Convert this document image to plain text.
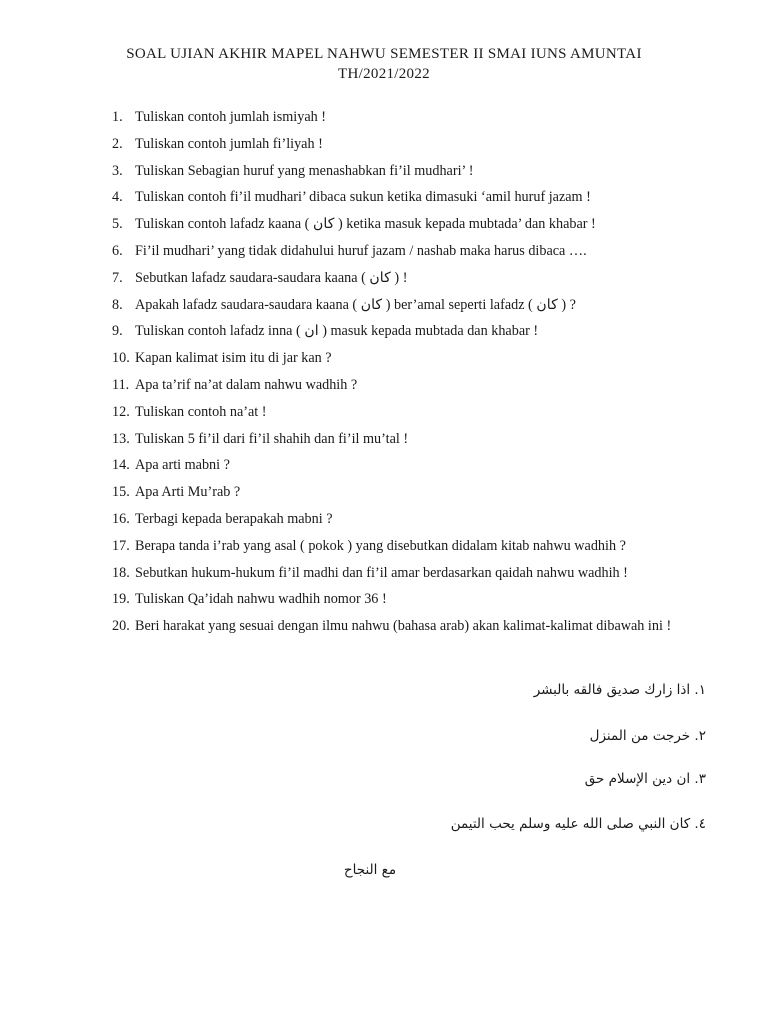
SOAL UJIAN AKHIR MAPEL NAHWU SEMESTER II SMAI IUNS AMUNTAI
TH/2021/2022
1. Tuliskan contoh jumlah ismiyah !
2. Tuliskan contoh jumlah fi’liyah !
3. Tuliskan Sebagian huruf yang menashabkan fi’il mudhari’ !
4. Tuliskan contoh fi’il mudhari’ dibaca sukun ketika dimasuki ‘amil huruf jazam !
5. Tuliskan contoh lafadz kaana ( كان ) ketika masuk kepada mubtada’ dan khabar !
6. Fi’il mudhari’ yang tidak didahului huruf jazam / nashab maka harus dibaca ….
7. Sebutkan lafadz saudara-saudara kaana ( كان ) !
8. Apakah lafadz saudara-saudara kaana ( كان ) ber’amal seperti lafadz ( كان ) ?
9. Tuliskan contoh lafadz inna ( ان ) masuk kepada mubtada dan khabar !
10. Kapan kalimat isim itu di jar kan ?
11. Apa ta’rif na’at dalam nahwu wadhih ?
12. Tuliskan contoh na’at !
13. Tuliskan 5 fi’il dari fi’il shahih dan fi’il mu’tal !
14. Apa arti mabni ?
15. Apa Arti Mu’rab ?
16. Terbagi kepada berapakah mabni ?
17. Berapa tanda i’rab yang asal ( pokok ) yang disebutkan didalam kitab nahwu wadhih ?
18. Sebutkan hukum-hukum fi’il madhi dan fi’il amar berdasarkan qaidah nahwu wadhih !
19. Tuliskan Qa’idah nahwu wadhih nomor 36 !
20. Beri harakat yang sesuai dengan ilmu nahwu (bahasa arab) akan kalimat-kalimat dibawah ini !
١. اذا زارك صديق فالقه بالبشر
٢. خرجت من المنزل
٣. ان دين الإسلام حق
٤. كان النبي صلى الله عليه وسلم يحب التيمن
مع النجاح
